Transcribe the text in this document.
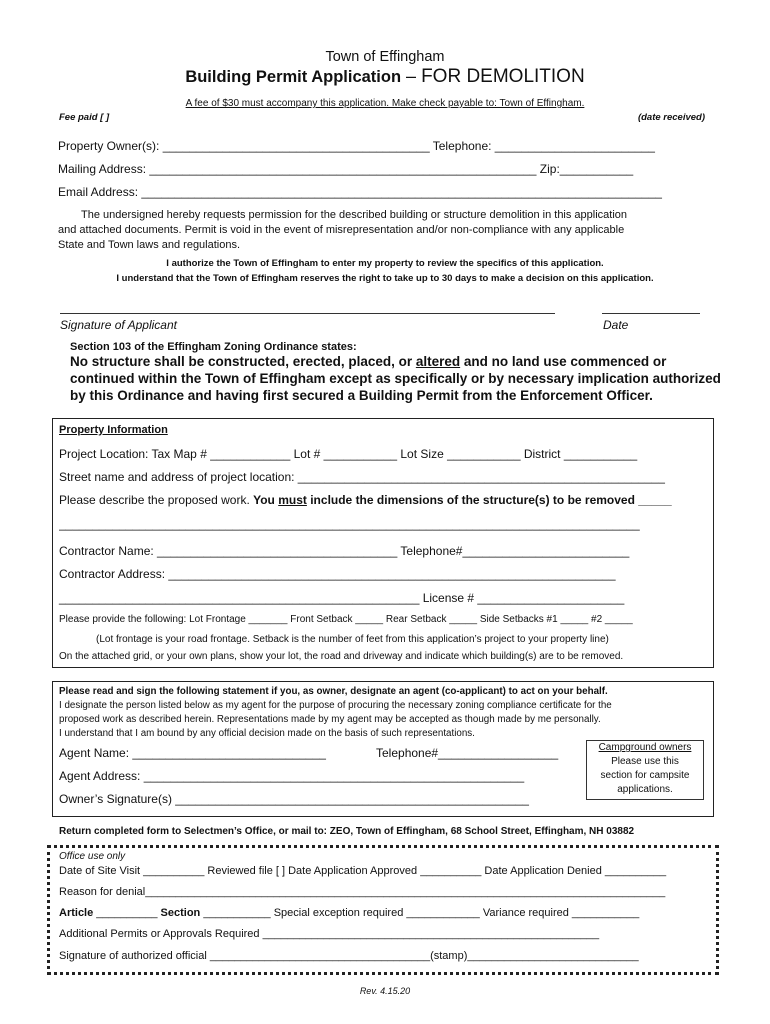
Town of Effingham
Building Permit Application – FOR DEMOLITION
A fee of $30 must accompany this application. Make check payable to: Town of Effingham.
Fee paid [ ]	(date received)
Property Owner(s): ________________________________________ Telephone: ________________________
Mailing Address: __________________________________________________________ Zip:___________
Email Address: ______________________________________________________________________________
The undersigned hereby requests permission for the described building or structure demolition in this application
and attached documents. Permit is void in the event of misrepresentation and/or non-compliance with any applicable
State and Town laws and regulations.
I authorize the Town of Effingham to enter my property to review the specifics of this application.
I understand that the Town of Effingham reserves the right to take up to 30 days to make a decision on this application.
Signature of Applicant	Date
Section 103 of the Effingham Zoning Ordinance states:
No structure shall be constructed, erected, placed, or altered and no land use commenced or
continued within the Town of Effingham except as specifically or by necessary implication authorized
by this Ordinance and having first secured a Building Permit from the Enforcement Officer.
Property Information
Project Location: Tax Map # ____________ Lot # ___________ Lot Size ___________ District ___________
Street name and address of project location: _______________________________________________________
Please describe the proposed work. You must include the dimensions of the structure(s) to be removed _____
_______________________________________________________________________________________
Contractor Name: ____________________________________ Telephone#_________________________
Contractor Address: ___________________________________________________________________
______________________________________________________ License # ______________________
Please provide the following: Lot Frontage _______ Front Setback _____ Rear Setback _____ Side Setbacks #1 _____ #2 _____
(Lot frontage is your road frontage. Setback is the number of feet from this application’s project to your property line)
On the attached grid, or your own plans, show your lot, the road and driveway and indicate which building(s) are to be removed.
Please read and sign the following statement if you, as owner, designate an agent (co-applicant) to act on your behalf.
I designate the person listed below as my agent for the purpose of procuring the necessary zoning compliance certificate for the
proposed work as described herein. Representations made by my agent may be accepted as though made by me personally.
I understand that I am bound by any official decision made on the basis of such representations.
Agent Name: _____________________________	Telephone#__________________
Agent Address: _________________________________________________________
Owner’s Signature(s) _____________________________________________________
Campground owners
Please use this
section for campsite
applications.
Return completed form to Selectmen’s Office, or mail to: ZEO, Town of Effingham, 68 School Street, Effingham, NH 03882
Office use only
Date of Site Visit __________ Reviewed file [ ] Date Application Approved __________ Date Application Denied __________
Reason for denial_____________________________________________________________________________________
Article __________ Section ___________ Special exception required ____________ Variance required ___________
Additional Permits or Approvals Required _______________________________________________________
Signature of authorized official ____________________________________(stamp)____________________________
Rev. 4.15.20
